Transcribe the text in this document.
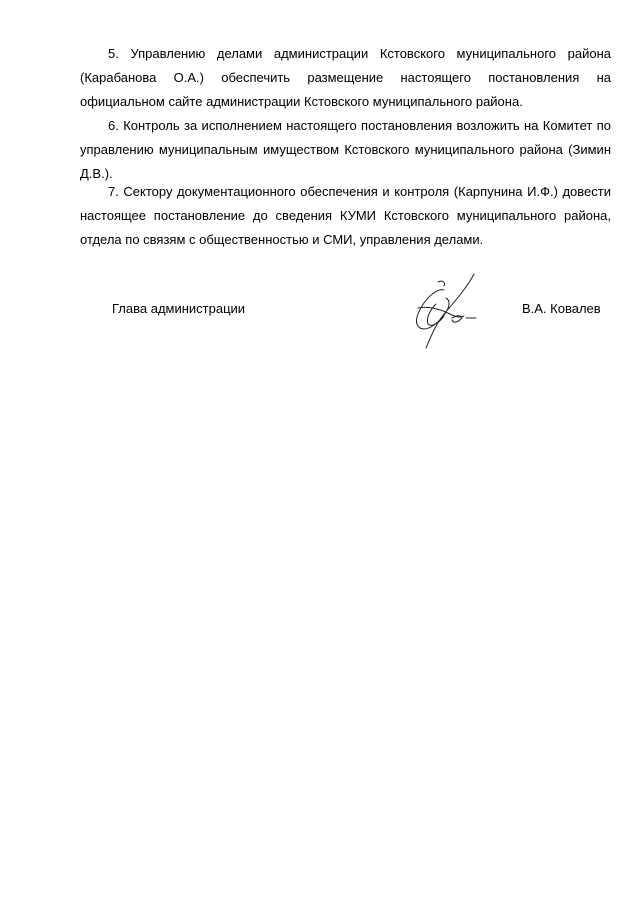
5. Управлению делами администрации Кстовского муниципального района (Карабанова О.А.) обеспечить размещение настоящего постановления на официальном сайте администрации Кстовского муниципального района.

6. Контроль за исполнением настоящего постановления возложить на Комитет по управлению муниципальным имуществом Кстовского муниципального района (Зимин Д.В.).

7. Сектору документационного обеспечения и контроля (Карпунина И.Ф.) довести настоящее постановление до сведения КУМИ Кстовского муниципального района, отдела по связям с общественностью и СМИ, управления делами.

Глава администрации	В.А. Ковалев
